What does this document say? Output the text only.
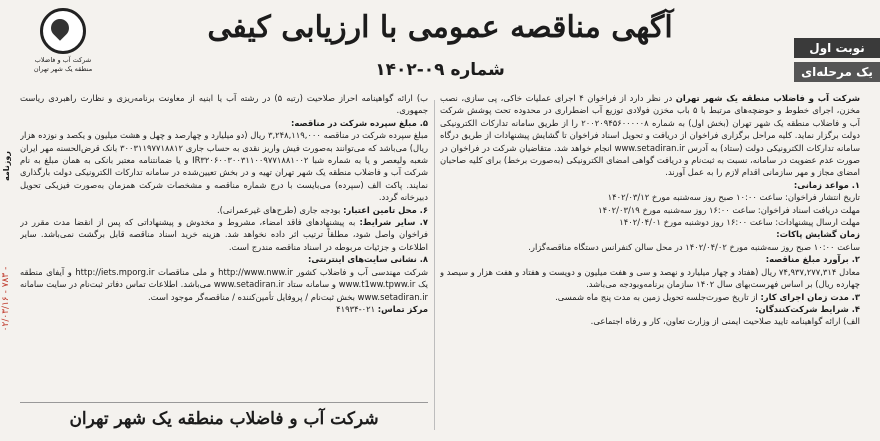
شرکت آب و فاضلاب
منطقه یک شهر تهران
آگهی مناقصه عمومی با ارزیابی کیفی
شماره ۰۹-۱۴۰۲
نوبت اول
یک مرحله‌ای
روزنامه
۰۲/۰۳/۱۶ - ۷۸۳ -

شرکت آب و فاضلاب منطقه یک شهر تهران در نظر دارد از فراخوان ۴ اجرای عملیات خاکی، پی سازی، نصب مخزن، اجرای خطوط و حوضچه‌های مرتبط با ۵ باب مخزن فولادی توزیع آب اضطراری در محدوده تحت پوشش شرکت آب و فاضلاب منطقه یک شهر تهران (بخش اول) به شماره ۲۰۰۲۰۹۴۵۶۰۰۰۰۰۸ را از طریق سامانه تدارکات الکترونیکی دولت برگزار نماید. کلیه مراحل برگزاری فراخوان از دریافت و تحویل اسناد فراخوان تا گشایش پیشنهادات از طریق درگاه سامانه تدارکات الکترونیکی دولت (ستاد) به آدرس www.setadiran.ir انجام خواهد شد. متقاضیان شرکت در فراخوان در صورت عدم عضویت در سامانه، نسبت به ثبت‌نام و دریافت گواهی امضای الکترونیکی (به‌صورت برخط) برای کلیه صاحبان امضای مجاز و مهر سازمانی اقدام لازم را به عمل آورند.

۱. مواعد زمانی:

تاریخ انتشار فراخوان: ساعت ۱۰:۰۰ صبح روز سه‌شنبه مورخ ۱۴۰۲/۰۳/۱۲

مهلت دریافت اسناد فراخوان: ساعت ۱۶:۰۰ روز سه‌شنبه مورخ ۱۴۰۲/۰۳/۱۹

مهلت ارسال پیشنهادات: ساعت ۱۶:۰۰ روز دوشنبه مورخ ۱۴۰۲/۰۴/۰۱

زمان گشایش پاکات:

ساعت ۱۰:۰۰ صبح روز سه‌شنبه مورخ ۱۴۰۲/۰۴/۰۲ در محل سالن کنفرانس دستگاه مناقصه‌گزار.

۲. برآورد مبلغ مناقصه:

معادل ۷۴,۹۳۷,۲۷۷,۳۱۴ ریال (هفتاد و چهار میلیارد و نهصد و سی و هفت میلیون و دویست و هفتاد و هفت هزار و سیصد و چهارده ریال) بر اساس فهرست‌بهای سال ۱۴۰۲ سازمان برنامه‌وبودجه می‌باشد.

۳. مدت زمان اجرای کار: از تاریخ صورت‌جلسه تحویل زمین به مدت پنج ماه شمسی.

۴. شرایط شرکت‌کنندگان:

الف) ارائه گواهینامه تایید صلاحیت ایمنی از وزارت تعاون، کار و رفاه اجتماعی.

ب) ارائه گواهینامه احراز صلاحیت (رتبه ۵) در رشته آب یا ابنیه از معاونت برنامه‌ریزی و نظارت راهبردی ریاست جمهوری.

۵. مبلغ سپرده شرکت در مناقصه:

مبلغ سپرده شرکت در مناقصه ۳,۲۴۸,۱۱۹,۰۰۰ ریال (دو میلیارد و چهارصد و چهل و هشت میلیون و یکصد و نوزده هزار ریال) می‌باشد که می‌توانند به‌صورت فیش واریز نقدی به حساب جاری ۳۰۰۳۱۱۹۷۷۱۸۸۱۲ بانک قرض‌الحسنه مهر ایران شعبه ولیعصر و یا به شماره شبا IR۳۲۰۶۰۰۳۰۰۳۱۱۰۰۹۷۷۱۸۸۱۰۰۲ و یا ضمانتنامه معتبر بانکی به همان مبلغ به نام شرکت آب و فاضلاب منطقه یک شهر تهران تهیه و در بخش تعیین‌شده در سامانه تدارکات الکترونیکی دولت بارگذاری نمایند. پاکت الف (سپرده) می‌بایست با درج شماره مناقصه و مشخصات شرکت همزمان به‌صورت فیزیکی تحویل دبیرخانه گردد.

۶. محل تامین اعتبار: بودجه جاری (طرح‌های غیرعمرانی).

۷. سایر شرایط: به پیشنهادهای فاقد امضاء، مشروط و مخدوش و پیشنهاداتی که پس از انقضا مدت مقرر در فراخوان واصل شود، مطلقاً ترتیب اثر داده نخواهد شد. هزینه خرید اسناد مناقصه قابل برگشت نمی‌باشد. سایر اطلاعات و جزئیات مربوطه در اسناد مناقصه مندرج است.

۸. نشانی سایت‌های اینترنتی:

شرکت مهندسی آب و فاضلاب کشور http://www.nww.ir و ملی مناقصات http://iets.mporg.ir و آیفای منطقه یک www.t1ww.tpww.ir و سامانه ستاد www.setadiran.ir می‌باشد. اطلاعات تماس دفاتر ثبت‌نام در سایت سامانه www.setadiran.ir بخش ثبت‌نام / پروفایل تأمین‌کننده / مناقصه‌گر موجود است.

مرکز تماس: ۰۲۱-۴۱۹۳۴

شرکت آب و فاضلاب منطقه یک شهر تهران
